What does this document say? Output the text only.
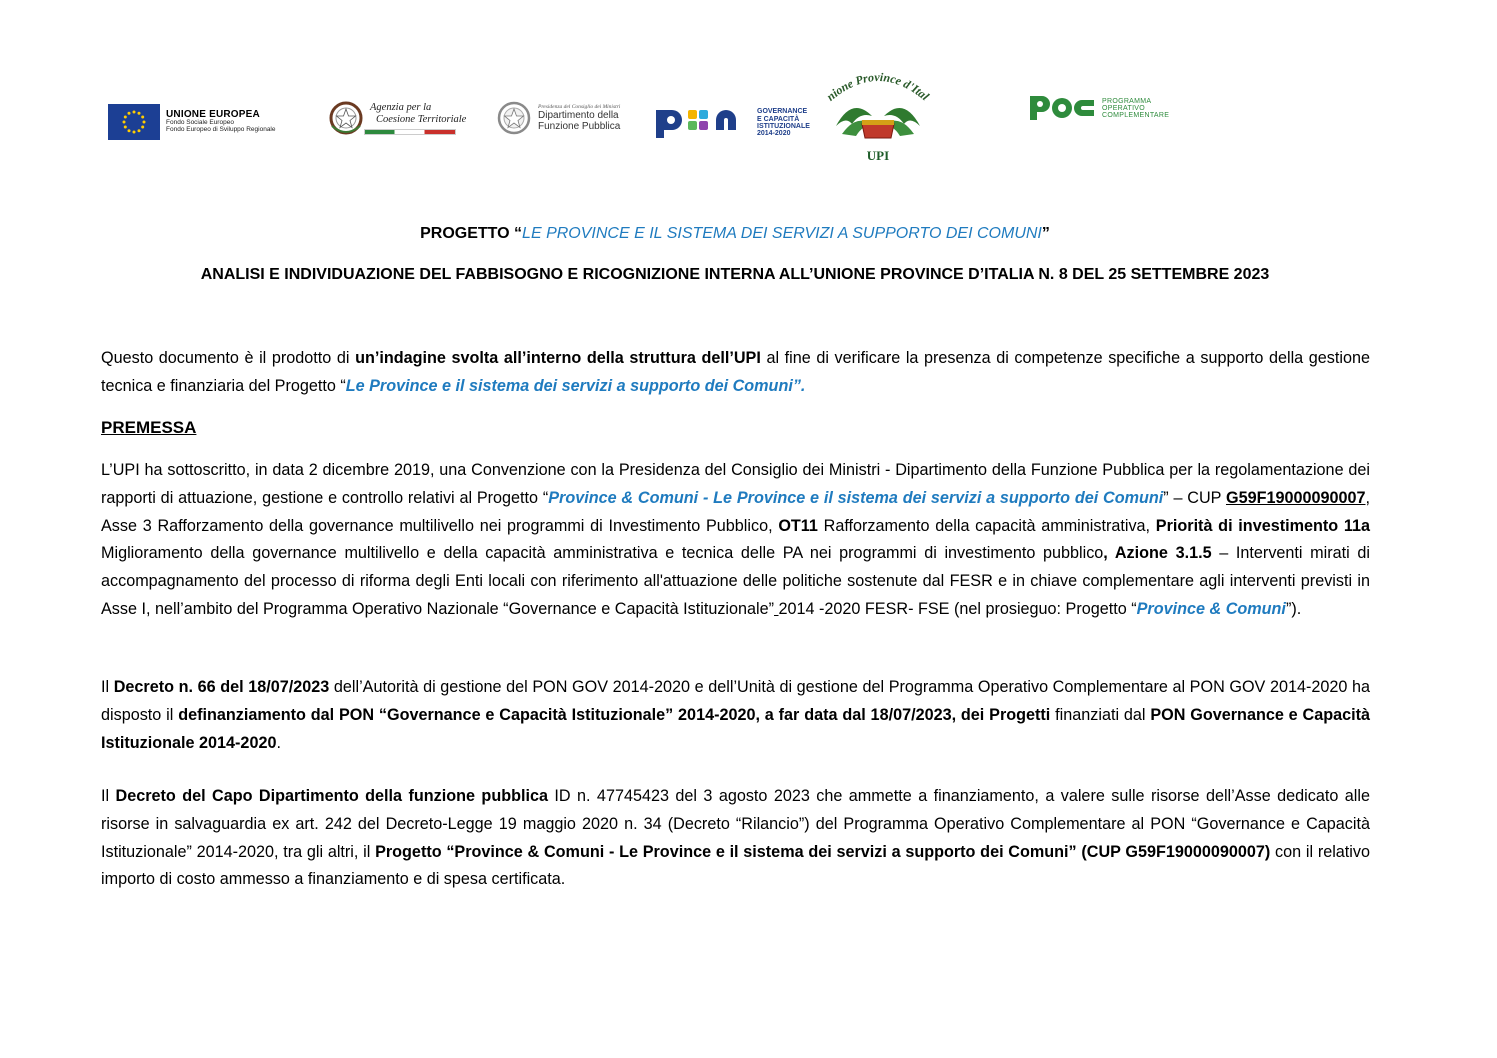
UNIONE EUROPEA
Fondo Sociale Europeo
Fondo Europeo di Sviluppo Regionale
Agenzia per la
Coesione Territoriale
Presidenza del Consiglio dei Ministri
Dipartimento della
Funzione Pubblica
GOVERNANCE
E CAPACITÀ
ISTITUZIONALE
2014-2020
nione Province d'Ital
UPI
PROGRAMMA
OPERATIVO
COMPLEMENTARE
PROGETTO “LE PROVINCE E IL SISTEMA DEI SERVIZI A SUPPORTO DEI COMUNI”
ANALISI E INDIVIDUAZIONE DEL FABBISOGNO E RICOGNIZIONE INTERNA ALL’UNIONE PROVINCE D’ITALIA N. 8 DEL 25 SETTEMBRE 2023
Questo documento è il prodotto di un’indagine svolta all’interno della struttura dell’UPI al fine di verificare la presenza di competenze specifiche a supporto della gestione tecnica e finanziaria del Progetto “Le Province e il sistema dei servizi a supporto dei Comuni”.
PREMESSA
L’UPI ha sottoscritto, in data 2 dicembre 2019, una Convenzione con la Presidenza del Consiglio dei Ministri - Dipartimento della Funzione Pubblica per la regolamentazione dei rapporti di attuazione, gestione e controllo relativi al Progetto “Province & Comuni - Le Province e il sistema dei servizi a supporto dei Comuni” – CUP G59F19000090007, Asse 3 Rafforzamento della governance multilivello nei programmi di Investimento Pubblico, OT11 Rafforzamento della capacità amministrativa, Priorità di investimento 11a Miglioramento della governance multilivello e della capacità amministrativa e tecnica delle PA nei programmi di investimento pubblico, Azione 3.1.5 – Interventi mirati di accompagnamento del processo di riforma degli Enti locali con riferimento all'attuazione delle politiche sostenute dal FESR e in chiave complementare agli interventi previsti in Asse I, nell’ambito del Programma Operativo Nazionale “Governance e Capacità Istituzionale” 2014 -2020 FESR- FSE (nel prosieguo: Progetto “Province & Comuni”).
Il Decreto n. 66 del 18/07/2023 dell’Autorità di gestione del PON GOV 2014-2020 e dell’Unità di gestione del Programma Operativo Complementare al PON GOV 2014-2020 ha disposto il definanziamento dal PON “Governance e Capacità Istituzionale” 2014-2020, a far data dal 18/07/2023, dei Progetti finanziati dal PON Governance e Capacità Istituzionale 2014-2020.
Il Decreto del Capo Dipartimento della funzione pubblica ID n. 47745423 del 3 agosto 2023 che ammette a finanziamento, a valere sulle risorse dell’Asse dedicato alle risorse in salvaguardia ex art. 242 del Decreto-Legge 19 maggio 2020 n. 34 (Decreto “Rilancio”) del Programma Operativo Complementare al PON “Governance e Capacità Istituzionale” 2014-2020, tra gli altri, il Progetto “Province & Comuni - Le Province e il sistema dei servizi a supporto dei Comuni” (CUP G59F19000090007) con il relativo importo di costo ammesso a finanziamento e di spesa certificata.
